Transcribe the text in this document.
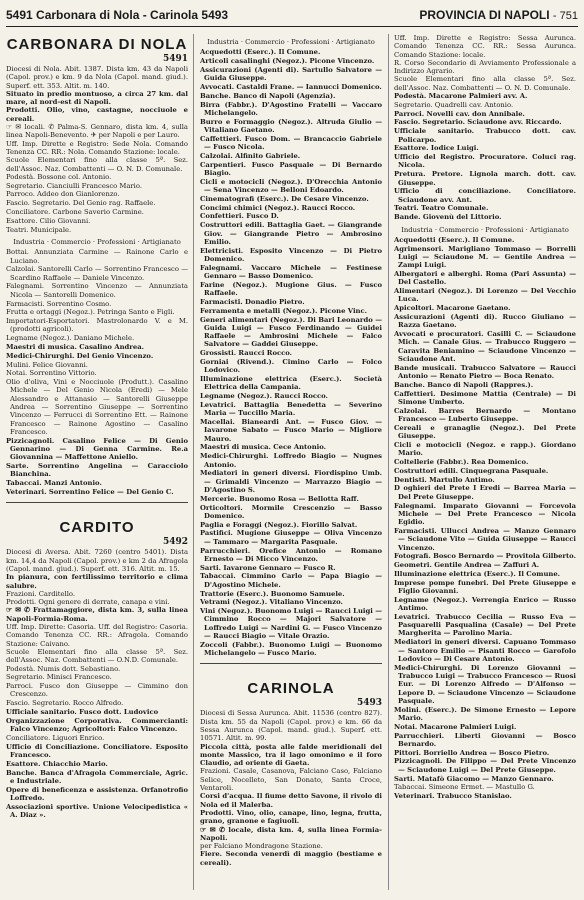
5491 Carbonara di Nola - Carinola 5493	PROVINCIA DI NAPOLI - 751

CARBONARA DI NOLA

5491

Diocesi di Nola. Abit. 1387. Dista km. 43 da Napoli (Capol. prov.) e km. 9 da Nola (Capol. mand. giud.). Superf. ett. 353. Altit. m. 140.

Situato in predio montuoso, a circa 27 km. dal mare, al nord-est di Napoli.

Prodotti. Olio, vino, castagne, nocciuole e cereali.

☞ ✉ locali. ✆ Palma-S. Gennaro, dista km. 4, sulla linea Napoli-Benevento. ✈ per Napoli e per Lauro.

Uff. Imp. Dirette e Registro: Sede Nola. Comando Tenenza CC. RR.: Nola. Comando Stazione: locale.

Scuole Elementari fino alla classe 5ª. Sez. dell'Assoc. Naz. Combattenti — O. N. D. Comunale.

Podestà. Bossone col. Antonio.

Segretario. Cianciulli Francesco Mario.

Parroco. Addeo don Gianlorenzo.

Fascio. Segretario. Del Genio rag. Raffaele.

Conciliatore. Carbone Saverio Carmine.

Esattore. Cilio Giovanni.

Teatri. Municipale.

Industria · Commercio · Professioni · Artigianato

Bottai. Annunziata Carmine — Rainone Carlo e Luciano.

Calzolai. Santorelli Carlo — Sorrentino Francesco — Scardino Raffaele — Daniele Vincenzo.

Falegnami. Sorrentino Vincenzo — Annunziata Nicola — Santorelli Domenico.

Farmacisti. Sorrentino Cosmo.

Frutta e ortaggi (Negoz.). Petringa Santo e Figli.

Importatori-Esportatori. Mastrolonardo V. e M. (prodotti agricoli).

Legname (Negoz.). Daniano Michele.

Maestri di musica. Casalino Andrea.

Medici-Chirurghi. Del Genio Vincenzo.

Mulini. Felice Giovanni.

Notai. Sorrentino Vittorio.

Olio d'oliva, Vini e Nocciuole (Produtt.). Casalino Michele — Del Genio Nicola (Eredi) — Mele Alessandro e Attanasio — Santorelli Giuseppe Andrea — Sorrentino Giuseppe — Sorrentino Vincenzo — Ferrucci di Sorrentino Ett. — Rainone Francesco — Rainone Agostino — Casalino Francesco.

Pizzicagnoli. Casalino Felice — Di Genio Gennarino — Di Genna Carmine. Re.a Giovannina — Maffettone Aniello.

Sarte. Sorrentino Angelina — Caracciolo Bianchina.

Tabaccai. Manzi Antonio.

Veterinari. Sorrentino Felice — Del Genio C.

CARDITO

5492

Diocesi di Aversa. Abit. 7260 (centro 5401). Dista km. 14,4 da Napoli (Capol. prov.) e km 2 da Afragola (Capol. mand. giud.). Superf. ett. 316. Altit. m. 15.

In pianura, con fertilissimo territorio e clima salubre.

Frazioni. Carditello.

Prodotti. Ogni genere di derrate, canapa e vini.

☞ ✉ ✆ Frattamaggiore, dista km. 3, sulla linea Napoli-Formia-Roma.

Uff. Imp. Dirette: Casoria. Uff. del Registro: Casoria. Comando Tenenza CC. RR.: Afragola. Comando Stazione: Caivano.

Scuole Elementari fino alla classe 5ª. Sez. dell'Assoc. Naz. Combattenti — O.N.D. Comunale.

Podestà. Numis dott. Sebastiano.

Segretario. Minisci Francesco.

Parroci. Fusco don Giuseppe — Cimmino don Crescenzo.

Fascio. Segretario. Rocco Alfredo.

Ufficiale sanitario. Fusco dott. Ludovico

Organizzazione Corporativa. Commercianti: Falco Vincenzo; Agricoltori: Falco Vincenzo.

Conciliatore. Liguori Enrico.

Ufficio di Conciliazione. Conciliatore. Esposito Francesco.

Esattore. Chiacchio Mario.

Banche. Banca d'Afragola Commerciale, Agric. e Industriale.

Opere di beneficenza e assistenza. Orfanotrofio Loffredo.

Associazioni sportive. Unione Velocipedistica « A. Diaz ».

Industria · Commercio · Professioni · Artigianato

Acquedotti (Eserc.). Il Comune.

Articoli casalinghi (Negoz.). Picone Vincenzo.

Assicurazioni (Agenti di). Sartullo Salvatore — Guida Giuseppe.

Avvocati. Castaldi Frane. — Iannucci Domenico.

Banche. Banco di Napoli (Agenzia).

Birra (Fabbr.). D'Agostino Fratelli — Vaccaro Michelangelo.

Burro e Formaggio (Negoz.). Altruda Giulio — Vitaliano Gaetano.

Caffettieri. Fusco Dom. — Brancaccio Gabriele — Fusco Nicola.

Calzolai. Alfinito Gabriele.

Carpentieri. Fusco Pasquale — Di Bernardo Biagio.

Cicli e motocicli (Negoz.). D'Orecchia Antonio — Sena Vincenzo — Belloni Edoardo.

Cinematografi (Eserc.). De Cesare Vincenzo.

Concimi chimici (Negoz.). Raucci Rocco.

Confettieri. Fusco D.

Costruttori edili. Battaglia Gaet. — Giangrande Giov. — Giangrande Pietro — Ambrosino Emilio.

Elettricisti. Esposito Vincenzo — Di Pietro Domenico.

Falegnami. Vaccaro Michele — Festinese Gennaro — Basso Domenico.

Farine (Negoz.). Mugione Gius. — Fusco Raffaele.

Farmacisti. Donadio Pietro.

Ferramenta e metalli (Negoz.). Picone Vinc.

Generi alimentari (Negoz.). Di Bari Leonardo — Guida Luigi — Fusco Ferdinando — Guidei Raffaele — Ambrosini Michele — Falco Salvatore — Gaddei Giuseppe.

Grossisti. Raucci Rocco.

Gorniai (Rivend.). Cimino Carlo — Folco Lodovico.

Illuminazione elettrica (Eserc.). Società Elettrica della Campania.

Legname (Negoz.). Raucci Rocco.

Levatrici. Battaglia Benedetta — Severino Maria — Tuccillo Maria.

Macellai. Bianeardi Ant. — Fusco Giov. — Iavarone Sabato — Fusco Mario — Migliore Mauro.

Maestri di musica. Cece Antonio.

Medici-Chirurghi. Loffredo Biagio — Nugnes Antonio.

Mediatori in generi diversi. Fiordispino Umb. — Grimaldi Vincenzo — Marrazzo Biagio — D'Agostino S.

Mercerie. Buonomo Rosa — Bellotta Raff.

Orticoltori. Mormile Crescenzio — Basso Domenico.

Paglia e Foraggi (Negoz.). Fiorillo Salvat.

Pastifici. Mugione Giuseppe — Oliva Vincenzo — Tammaro — Margarita Pasquale.

Parrucchieri. Orefice Antonio — Romano Ernesto — Di Micco Vincenzo.

Sarti. Iavarone Gennaro — Fusco R.

Tabaccai. Cimmino Carlo — Papa Biagio — D'Agostino Michele.

Trattorie (Eserc.). Buonomo Samuele.

Vetrami (Negoz.). Vitaliano Vincenzo.

Vini (Negoz.). Buonomo Luigi — Raucci Luigi — Cimmino Rocco — Majori Salvatore — Loffredo Luigi — Nardini G. — Fusco Vincenzo — Raucci Biagio — Vitale Orazio.

Zoccoli (Fabbr.). Buonomo Luigi — Buonomo Michelangelo — Fusco Mario.

CARINOLA

5493

Diocesi di Sessa Aurunca. Abit. 11536 (centro 827). Dista km. 55 da Napoli (Capol. prov.) e km. 66 da Sessa Aurunca (Capol. mand. giud.). Superf. ett. 10571. Altit. m. 99.

Piccola città, posta alle falde meridionali del monte Massico, tra il lago omonimo e il foro Claudio, ad oriente di Gaeta.

Frazioni. Casale, Casanova, Falciano Caso, Falciano Selice, Nocelleto, San Donato, Santa Croce, Ventaroli.

Corsi d'acqua. Il fiume detto Savone, il rivolo di Nola ed il Malerba.

Prodotti. Vino, olio, canape, lino, legna, frutta, grano, granone e fagiuoli.

☞ ✉ ✆ locale, dista km. 4, sulla linea Formia-Napoli.

per Falciano Mondragone Stazione.

Fiere. Seconda venerdì di maggio (bestiame e cereali).

Uff. Imp. Dirette e Registro: Sessa Aurunca. Comando Tenenza CC. RR.: Sessa Aurunca. Comando Stazione: locale.

R. Corso Secondario di Avviamento Professionale a Indirizzo Agrario.

Scuole Elementari fino alla classe 5ª. Sez. dell'Assoc. Naz. Combattenti — O. N. D. Comunale.

Podestà. Macarone Palmieri avv. A.

Segretario. Quadrelli cav. Antonio.

Parroci. Novelli cav. don Annibale.

Fascio. Segretario. Sciaudone avv. Riccardo.

Ufficiale sanitario. Trabucco dott. cav. Policarpo.

Esattore. Iodice Luigi.

Ufficio del Registro. Procuratore. Coluci rag. Nicola.

Pretura. Pretore. Lignola march. dott. cav. Giuseppe.

Ufficio di conciliazione. Conciliatore. Sciaudone avv. Ant.

Teatri. Teatro Comunale.

Bande. Giovenù del Littorio.

Industria · Commercio · Professioni · Artigianato

Acquedotti (Eserc.). Il Comune.

Agrimensori. Marigliano Tommaso — Borrelli Luigi — Sciaudone M. — Gentile Andrea — Zampi Luigi.

Albergatori e alberghi. Roma (Pari Assunta) — Del Castello.

Alimentari (Negoz.). Di Lorenzo — Del Vecchio Luca.

Apicoltori. Macarone Gaetano.

Assicurazioni (Agenti di). Rucco Giuliano — Razza Gaetano.

Avvocati e procuratori. Casilli C. — Sciaudone Mich. — Canale Gius. — Trabucco Ruggero — Caravita Beniamino — Sciaudone Vincenzo — Sciaudone Ant.

Bande musicali. Trabucco Salvatore — Raucci Antonio — Renato Pietro — Boca Renato.

Banche. Banco di Napoli (Rappres.).

Caffettieri. Desimone Mattia (Centrale) — Di Simone Umberto.

Calzolai. Barres Bernardo — Montano Francesco — Luberto Giuseppe.

Cereali e granaglie (Negoz.). Del Prete Giuseppe.

Cicli e motocicli (Negoz. e rapp.). Giordano Mario.

Coltellerie (Fabbr.). Rea Domenico.

Costruttori edili. Cinquegrana Pasquale.

Dentisti. Martullo Antimo.

D oghieri del Prete I Eredi — Barrea Maria — Del Prete Giuseppe.

Falegnami. Imparato Giovanni — Forcevola Michele — Del Prete Francesco — Nicola Egidio.

Farmacisti. Ullucci Andrea — Manzo Gennaro — Sciaudone Vito — Guida Giuseppe — Raucci Vincenzo.

Fotografi. Bosco Bernardo — Provitola Gilberto.

Geometri. Gentile Andrea — Zaffuri A.

Illuminazione elettrica (Eserc.). Il Comune.

Imprese pompe funebri. Del Prete Giuseppe e Figlio Giovanni.

Legname (Negoz.). Verrengia Enrico — Russo Antimo.

Levatrici. Trabucco Cecilia — Russo Eva — Pasquarelli Pasqualina (Casale) — Del Prete Margherita — Parolino Maria.

Mediatori in generi diversi. Capuano Tommaso — Santoro Emilio — Pisanti Rocco — Garofolo Lodovico — Di Cesare Antonio.

Medici-Chirurghi. Di Lorenzo Giovanni — Trabucco Luigi — Trabucco Francesco — Ruosi Eur. — Di Lorenzo Alfredo — D'Alfonso — Lepore D. — Sciaudone Vincenzo — Sciaudone Pasquale.

Molini. (Eserc.). De Simone Ernesto — Lepore Mario.

Notai. Macarone Palmieri Luigi.

Parrucchieri. Liberti Giovanni — Bosco Bernardo.

Pittori. Borriello Andrea — Bosco Pietro.

Pizzicagnoli. De Filippo — Del Prete Vincenzo — Sciaudone Luigi — Del Prete Giuseppe.

Sarti. Matafò Giacomo — Manzo Gennaro.

Tabaccai. Simeone Ermet. — Mastullo G.

Veterinari. Trabucco Stanislao.
